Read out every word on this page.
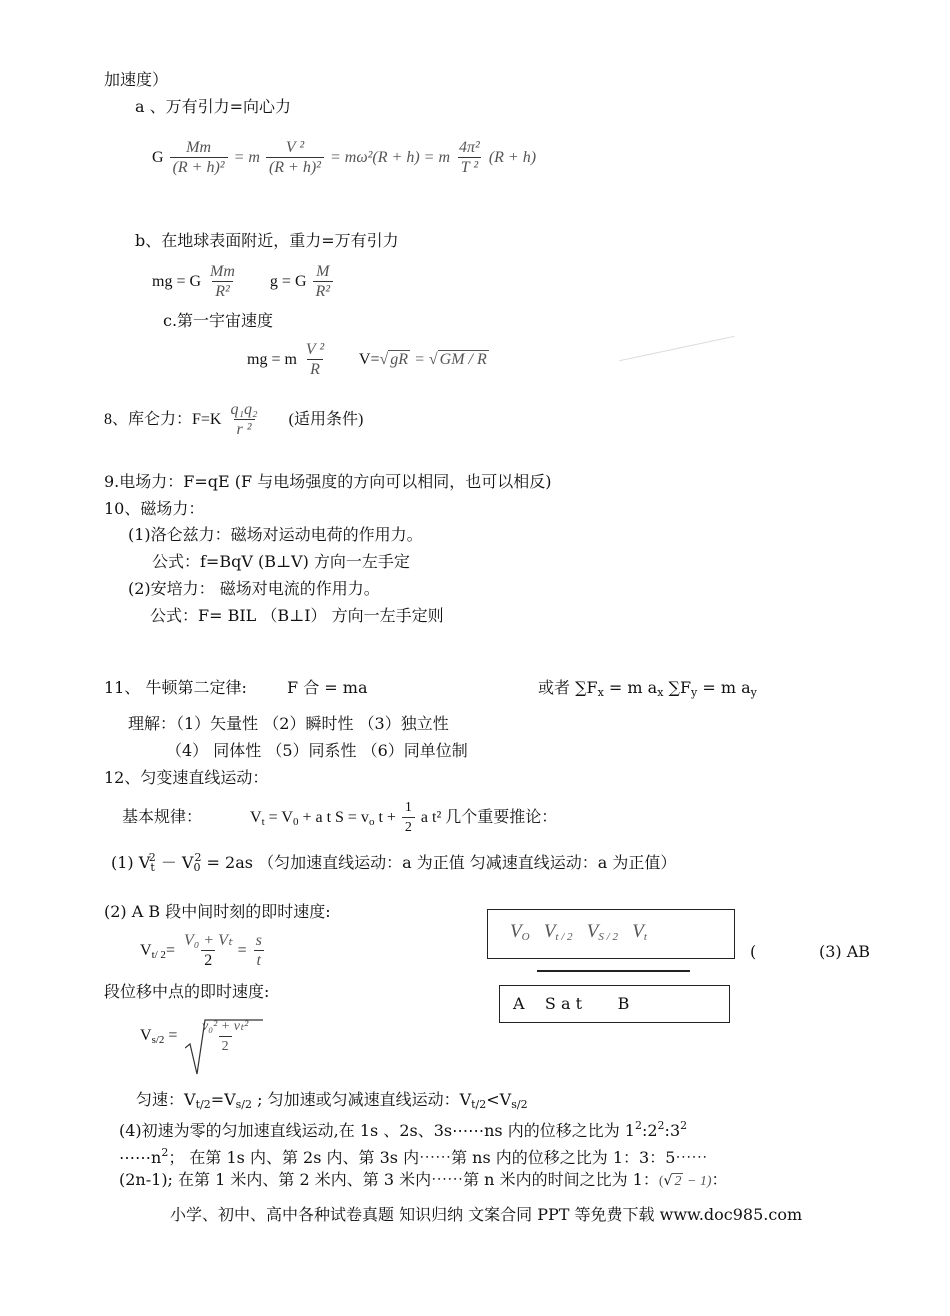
加速度）
a 、万有引力=向心力
G $\frac{Mm}{\text{(R + h)²}} = m \frac{\text{V ²}}{\text{(R + h)²}} = m\omega^2(R + h) = m \frac{\text{4π²}}{\text{T ²}} (R + h)$
b、在地球表面附近，重力=万有引力
mg = G $\frac{Mm}{\text{R²}}$ g = G $\frac{M}{\text{R²}}$
c.第一宇宙速度
mg = m $\frac{\text{V ²}}{R} V=√$ gR = √ GM / R
8、库仑力：$F=K \frac{\text{q₁q₂}}{\text{r ²}}$ (适用条件)
9.电场力：F=qE (F 与电场强度的方向可以相同，也可以相反)
10、磁场力：
(1)洛仑兹力：磁场对运动电荷的作用力。
公式：f=BqV (B⊥V) 方向一左手定
(2)安培力： 磁场对电流的作用力。
公式：F= BIL （B⊥I） 方向一左手定则
11、 牛顿第二定律:	F 合 = ma	或者 $\sum F_x = m$ $a_x$ $\sum F_y = m$ $a_y$
理解：（1）矢量性 （2）瞬时性 （3）独立性
（4） 同体性 （5）同系性 （6）同单位制
12、匀变速直线运动：
基本规律：	$V_t = V_0 + a$ t $S = v_o$ $t + \frac{1}{2}$ a t² 几个重要推论：
(1) $V_t^2 - V_0^2 = 2as$ （匀加速直线运动：a 为正值 匀减速直线运动：a 为正值）
(2) A B 段中间时刻的即时速度:
$V_{t/ 2}= \frac{\text{V₀ + Vₜ}}{2} = \frac{s}{t}$
$V_O$ $V_{t / 2}$ $V_{S / 2}$ $V_t$
(	(3) AB
A    S a t       B
段位移中点的即时速度:
$V_{s/2} = \frac{\text{v₀² + vₜ²}}{2}$
匀速：$V_{t/2}=V_{s/2}$ ; 匀加速或匀减速直线运动：$V_{t/2}<V_{s/2}$
(4)初速为零的匀加速直线运动,在 1s 、2s、3s⋯⋯ns 内的位移之比为 $1^2:2^2:3^2$
$\cdots\cdots n^2$； 在第 1s 内、第 2s 内、第 3s 内⋯⋯第 ns 内的位移之比为 1：3：5⋯⋯
(2n-1); 在第 1 米内、第 2 米内、第 3 米内⋯⋯第 n 米内的时间之比为 1：(√ 2 − 1)：
小学、初中、高中各种试卷真题 知识归纳 文案合同 PPT 等免费下载 www.doc985.com
